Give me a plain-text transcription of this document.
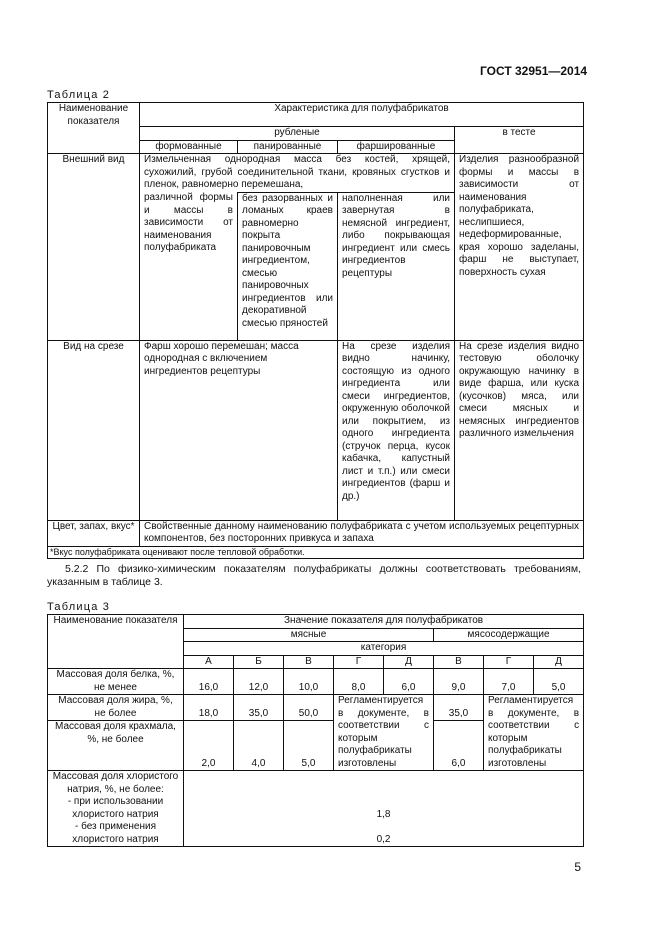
ГОСТ 32951—2014
Таблица 2
Наименование показателя	Характеристика для полуфабрикатов			
	рубленые			в тесте
	формованные	панированные	фаршированные	
Внешний вид	Измельченная однородная масса без костей, хрящей, сухожилий, грубой соединительной ткани, кровяных сгустков и пленок, равномерно перемешана,			Изделия разнообразной формы и массы в зависимости от наименования полуфабриката, неслипшиеся, недеформированные, края хорошо заделаны, фарш не выступает, поверхность сухая
	различной формы и массы в зависимости от наименования полуфабриката	без разорванных и ломаных краев равномерно покрыта панировочным ингредиентом, смесью панировочных ингредиентов или декоративной смесью пряностей	наполненная или завернутая в немясной ингредиент, либо покрывающая ингредиент или смесь ингредиентов рецептуры	
Вид на срезе	Фарш хорошо перемешан; масса однородная с включением ингредиентов рецептуры		На срезе изделия видно начинку, состоящую из одного ингредиента или смеси ингредиентов, окруженную оболочкой или покрытием, из одного ингредиента (стручок перца, кусок кабачка, капустный лист и т.п.) или смеси ингредиентов (фарш и др.)	На срезе изделия видно тестовую оболочку окружающую начинку в виде фарша, или куска (кусочков) мяса, или смеси мясных и немясных ингредиентов различного измельчения
Цвет, запах, вкус*	Свойственные данному наименованию полуфабриката с учетом используемых рецептурных компонентов, без посторонних привкуса и запаха			
*Вкус полуфабриката оценивают после тепловой обработки.				
5.2.2 По физико-химическим показателям полуфабрикаты должны соответствовать требованиям, указанным в таблице 3.
Таблица 3
Наименование показателя	Значение показателя для полуфабрикатов							
	мясные					мясосодержащие		
	категория							
	А	Б	В	Г	Д	В	Г	Д
Массовая доля белка, %, не менее	16,0	12,0	10,0	8,0	6,0	9,0	7,0	5,0
Массовая доля жира, %, не более	18,0	35,0	50,0	Регламентируется в документе, в соответствии с которым полуфабрикаты изготовлены		35,0	Регламентируется в документе, в соответствии с которым полуфабрикаты изготовлены	
Массовая доля крахмала, %, не более	2,0	4,0	5,0			6,0		
Массовая доля хлористого натрия, %, не более:								
- при использовании хлористого натрия	1,8							
- без применения хлористого натрия	0,2							
5
